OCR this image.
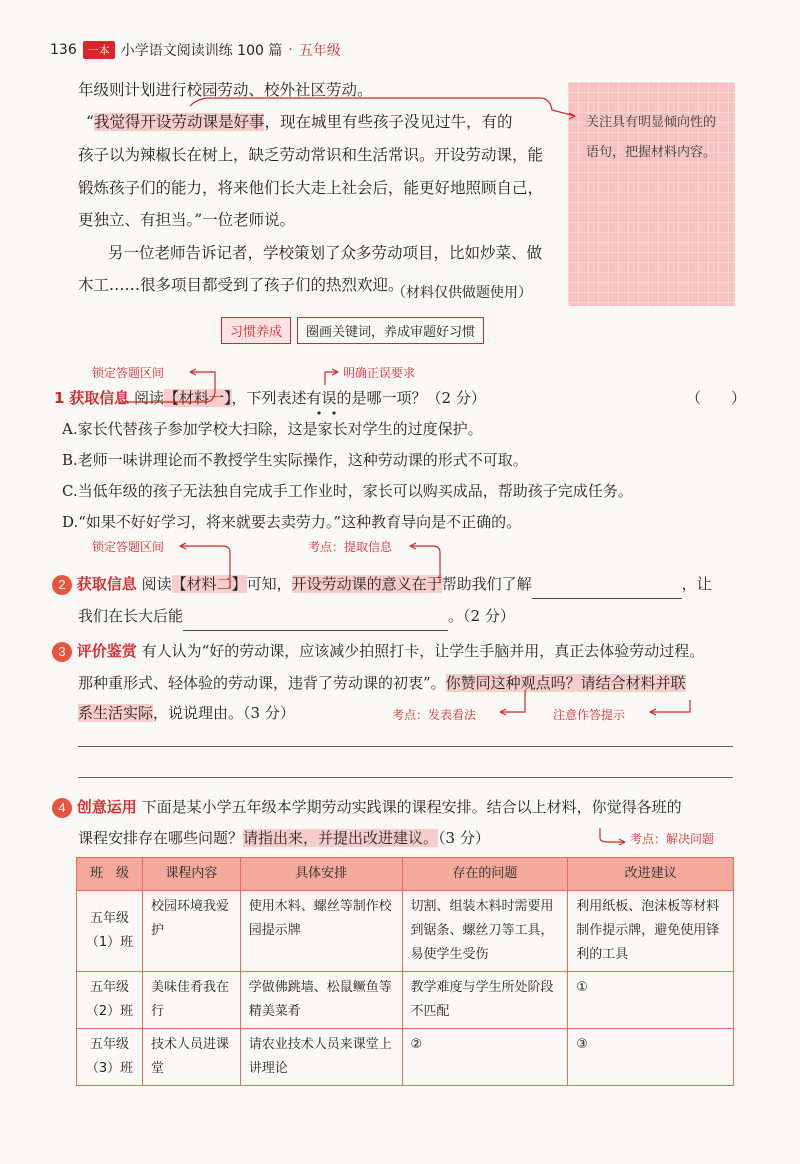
136	一本 小学语文阅读训练 100 篇 · 五年级
年级则计划进行校园劳动、校外社区劳动。
“我觉得开设劳动课是好事，现在城里有些孩子没见过牛，有的
孩子以为辣椒长在树上，缺乏劳动常识和生活常识。开设劳动课，能
锻炼孩子们的能力，将来他们长大走上社会后，能更好地照顾自己，
更独立、有担当。”一位老师说。
另一位老师告诉记者，学校策划了众多劳动项目，比如炒菜、做
木工……很多项目都受到了孩子们的热烈欢迎。
（材料仅供做题使用）
关注具有明显倾向性的语句，把握材料内容。
习惯养成	圈画关键词，养成审题好习惯
锁定答题区间	明确正误要求
1 获取信息 阅读【材料一】，下列表述有误的是哪一项？（2 分）	（　　）
A.家长代替孩子参加学校大扫除，这是家长对学生的过度保护。
B.老师一味讲理论而不教授学生实际操作，这种劳动课的形式不可取。
C.当低年级的孩子无法独自完成手工作业时，家长可以购买成品，帮助孩子完成任务。
D.“如果不好好学习，将来就要去卖劳力。”这种教育导向是不正确的。
锁定答题区间	考点：提取信息
2 获取信息 阅读【材料二】可知，开设劳动课的意义在于帮助我们了解	，让
我们在长大后能	。（2 分）
3 评价鉴赏 有人认为“好的劳动课，应该减少拍照打卡，让学生手脑并用，真正去体验劳动过程。
那种重形式、轻体验的劳动课，违背了劳动课的初衷”。你赞同这种观点吗？请结合材料并联
系生活实际，说说理由。（3 分）	考点：发表看法	注意作答提示
4 创意运用 下面是某小学五年级本学期劳动实践课的课程安排。结合以上材料，你觉得各班的
课程安排存在哪些问题？请指出来，并提出改进建议。（3 分）	考点：解决问题
班　级	课程内容	具体安排	存在的问题	改进建议
五年级（1）班	校园环境我爱护	使用木料、螺丝等制作校园提示牌	切割、组装木料时需要用到锯条、螺丝刀等工具，易使学生受伤	利用纸板、泡沫板等材料制作提示牌，避免使用锋利的工具
五年级（2）班	美味佳肴我在行	学做佛跳墙、松鼠鳜鱼等精美菜肴	教学难度与学生所处阶段不匹配	①
五年级（3）班	技术人员进课堂	请农业技术人员来课堂上讲理论	②	③
